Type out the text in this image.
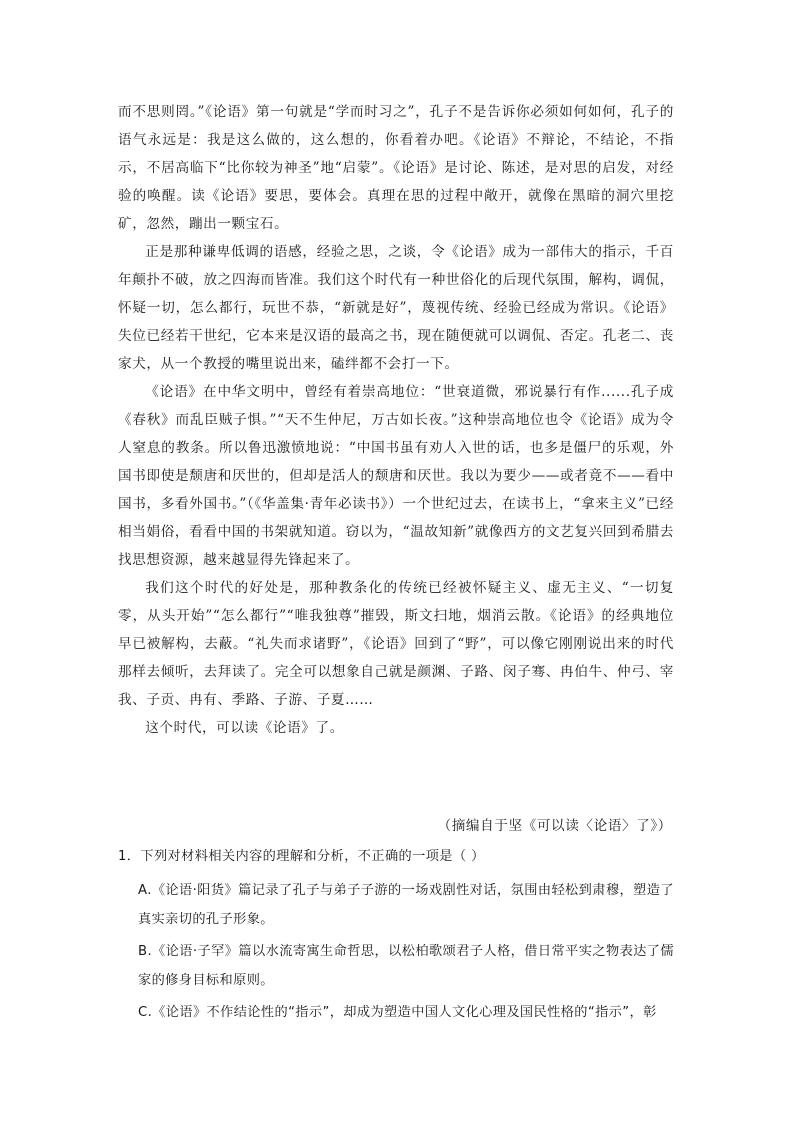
而不思则罔。”《论语》第一句就是“学而时习之”，孔子不是告诉你必须如何如何，孔子的语气永远是：我是这么做的，这么想的，你看着办吧。《论语》不辩论，不结论，不指示，不居高临下“比你较为神圣”地“启蒙”。《论语》是讨论、陈述，是对思的启发，对经验的唤醒。读《论语》要思，要体会。真理在思的过程中敞开，就像在黑暗的洞穴里挖矿，忽然，蹦出一颗宝石。

正是那种谦卑低调的语感，经验之思，之谈，令《论语》成为一部伟大的指示，千百年颠扑不破，放之四海而皆准。我们这个时代有一种世俗化的后现代氛围，解构，调侃，怀疑一切，怎么都行，玩世不恭，“新就是好”，蔑视传统、经验已经成为常识。《论语》失位已经若干世纪，它本来是汉语的最高之书，现在随便就可以调侃、否定。孔老二、丧家犬，从一个教授的嘴里说出来，磕绊都不会打一下。

《论语》在中华文明中，曾经有着崇高地位：“世衰道微，邪说暴行有作......孔子成《春秋》而乱臣贼子惧。”“天不生仲尼，万古如长夜。”这种崇高地位也令《论语》成为令人窒息的教条。所以鲁迅激愤地说：“中国书虽有劝人入世的话，也多是僵尸的乐观，外国书即使是颓唐和厌世的，但却是活人的颓唐和厌世。我以为要少——或者竟不——看中国书，多看外国书。”（《华盖集·青年必读书》）一个世纪过去，在读书上，“拿来主义”已经相当娟俗，看看中国的书架就知道。窃以为，“温故知新”就像西方的文艺复兴回到希腊去找思想资源，越来越显得先锋起来了。

我们这个时代的好处是，那种教条化的传统已经被怀疑主义、虚无主义、“一切复零，从头开始”“怎么都行”“唯我独尊”摧毁，斯文扫地，烟消云散。《论语》的经典地位早已被解构，去蔽。“礼失而求诸野”，《论语》回到了“野”，可以像它刚刚说出来的时代那样去倾听，去拜读了。完全可以想象自己就是颜渊、子路、闵子骞、冉伯牛、仲弓、宰我、子贡、冉有、季路、子游、子夏……

这个时代，可以读《论语》了。

（摘编自于坚《可以读〈论语〉了》）

1．下列对材料相关内容的理解和分析，不正确的一项是（ ）

A.《论语·阳货》篇记录了孔子与弟子子游的一场戏剧性对话，氛围由轻松到肃穆，塑造了真实亲切的孔子形象。

B.《论语·子罕》篇以水流寄寓生命哲思，以松柏歌颂君子人格，借日常平实之物表达了儒家的修身目标和原则。

C.《论语》不作结论性的“指示”，却成为塑造中国人文化心理及国民性格的“指示”，彰
